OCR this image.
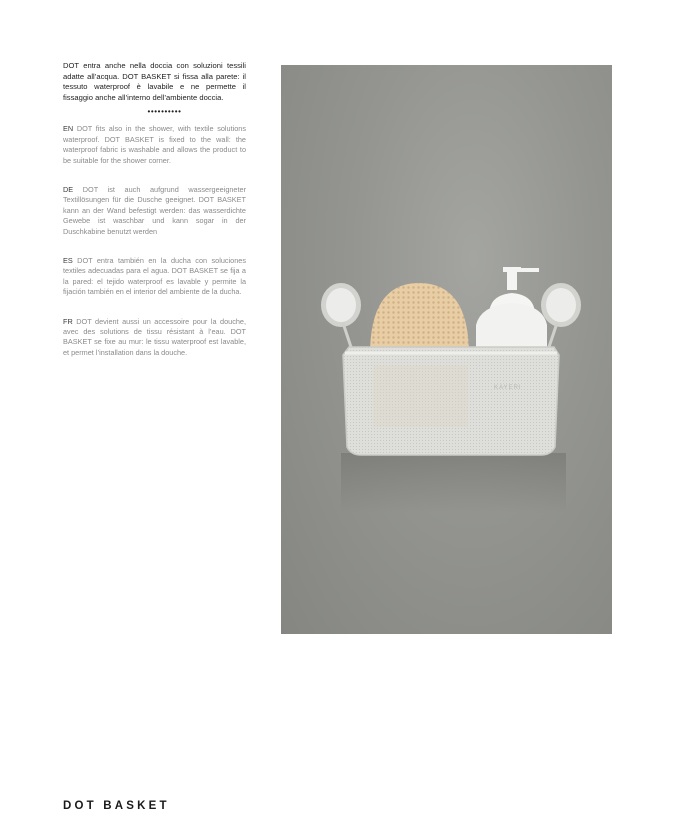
DOT entra anche nella doccia con soluzioni tessili adatte all’acqua. DOT BASKET si fissa alla parete: il tessuto waterproof è lavabile e ne permette il fissaggio anche all’interno dell’ambiente doccia.

••••••••••

EN DOT fits also in the shower, with textile solutions waterproof. DOT BASKET is fixed to the wall: the waterproof fabric is washable and allows the product to be suitable for the shower corner.

DE DOT ist auch aufgrund wassergeeigneter Textillösungen für die Dusche geeignet. DOT BASKET kann an der Wand befestigt werden: das wasserdichte Gewebe ist waschbar und kann sogar in der Duschkabine benutzt werden

ES DOT entra también en la ducha con soluciones textiles adecuadas para el agua. DOT BASKET se fija a la pared: el tejido waterproof es lavable y permite la fijación también en el interior del ambiente de la ducha.

FR DOT devient aussi un accessoire pour la douche, avec des solutions de tissu résistant à l’eau. DOT BASKET se fixe au mur: le tissu waterproof est lavable, et permet l’installation dans la douche.

KAYERI
DOT BASKET
